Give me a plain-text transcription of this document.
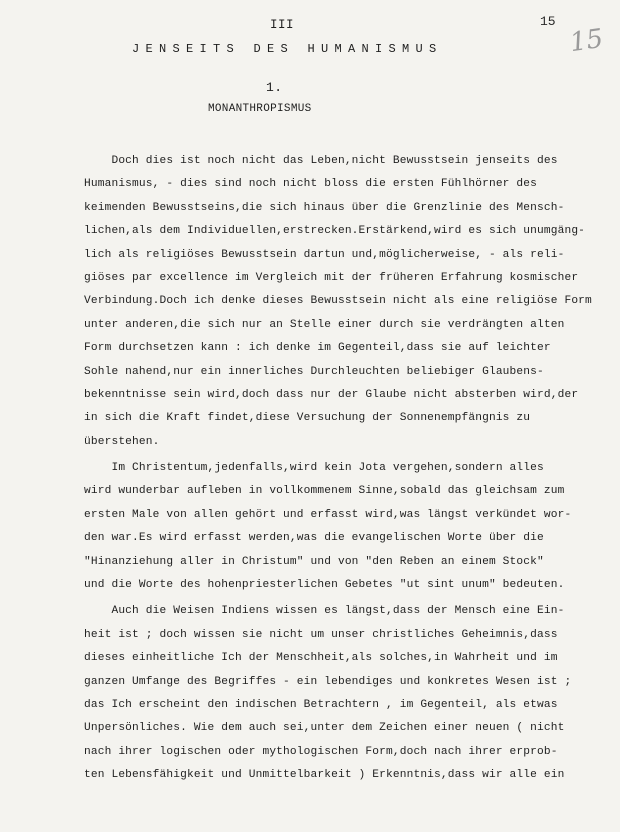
III	15
15
JENSEITS DES HUMANISMUS
1.
MONANTHROPISMUS
Doch dies ist noch nicht das Leben,nicht Bewusstsein jenseits des
Humanismus, - dies sind noch nicht bloss die ersten Fühlhörner des
keimenden Bewusstseins,die sich hinaus über die Grenzlinie des Mensch-
lichen,als dem Individuellen,erstrecken.Erstärkend,wird es sich unumgäng-
lich als religiöses Bewusstsein dartun und,möglicherweise, - als reli-
giöses par excellence im Vergleich mit der früheren Erfahrung kosmischer
Verbindung.Doch ich denke dieses Bewusstsein nicht als eine religiöse Form
unter anderen,die sich nur an Stelle einer durch sie verdrängten alten
Form durchsetzen kann : ich denke im Gegenteil,dass sie auf leichter
Sohle nahend,nur ein innerliches Durchleuchten beliebiger Glaubens-
bekenntnisse sein wird,doch dass nur der Glaube nicht absterben wird,der
in sich die Kraft findet,diese Versuchung der Sonnenempfängnis zu
überstehen.
Im Christentum,jedenfalls,wird kein Jota vergehen,sondern alles
wird wunderbar aufleben in vollkommenem Sinne,sobald das gleichsam zum
ersten Male von allen gehört und erfasst wird,was längst verkündet wor-
den war.Es wird erfasst werden,was die evangelischen Worte über die
"Hinanziehung aller in Christum" und von "den Reben an einem Stock"
und die Worte des hohenpriesterlichen Gebetes "ut sint unum" bedeuten.
Auch die Weisen Indiens wissen es längst,dass der Mensch eine Ein-
heit ist ; doch wissen sie nicht um unser christliches Geheimnis,dass
dieses einheitliche Ich der Menschheit,als solches,in Wahrheit und im
ganzen Umfange des Begriffes - ein lebendiges und konkretes Wesen ist ;
das Ich erscheint den indischen Betrachtern , im Gegenteil, als etwas
Unpersönliches. Wie dem auch sei,unter dem Zeichen einer neuen ( nicht
nach ihrer logischen oder mythologischen Form,doch nach ihrer erprob-
ten Lebensfähigkeit und Unmittelbarkeit ) Erkenntnis,dass wir alle ein
